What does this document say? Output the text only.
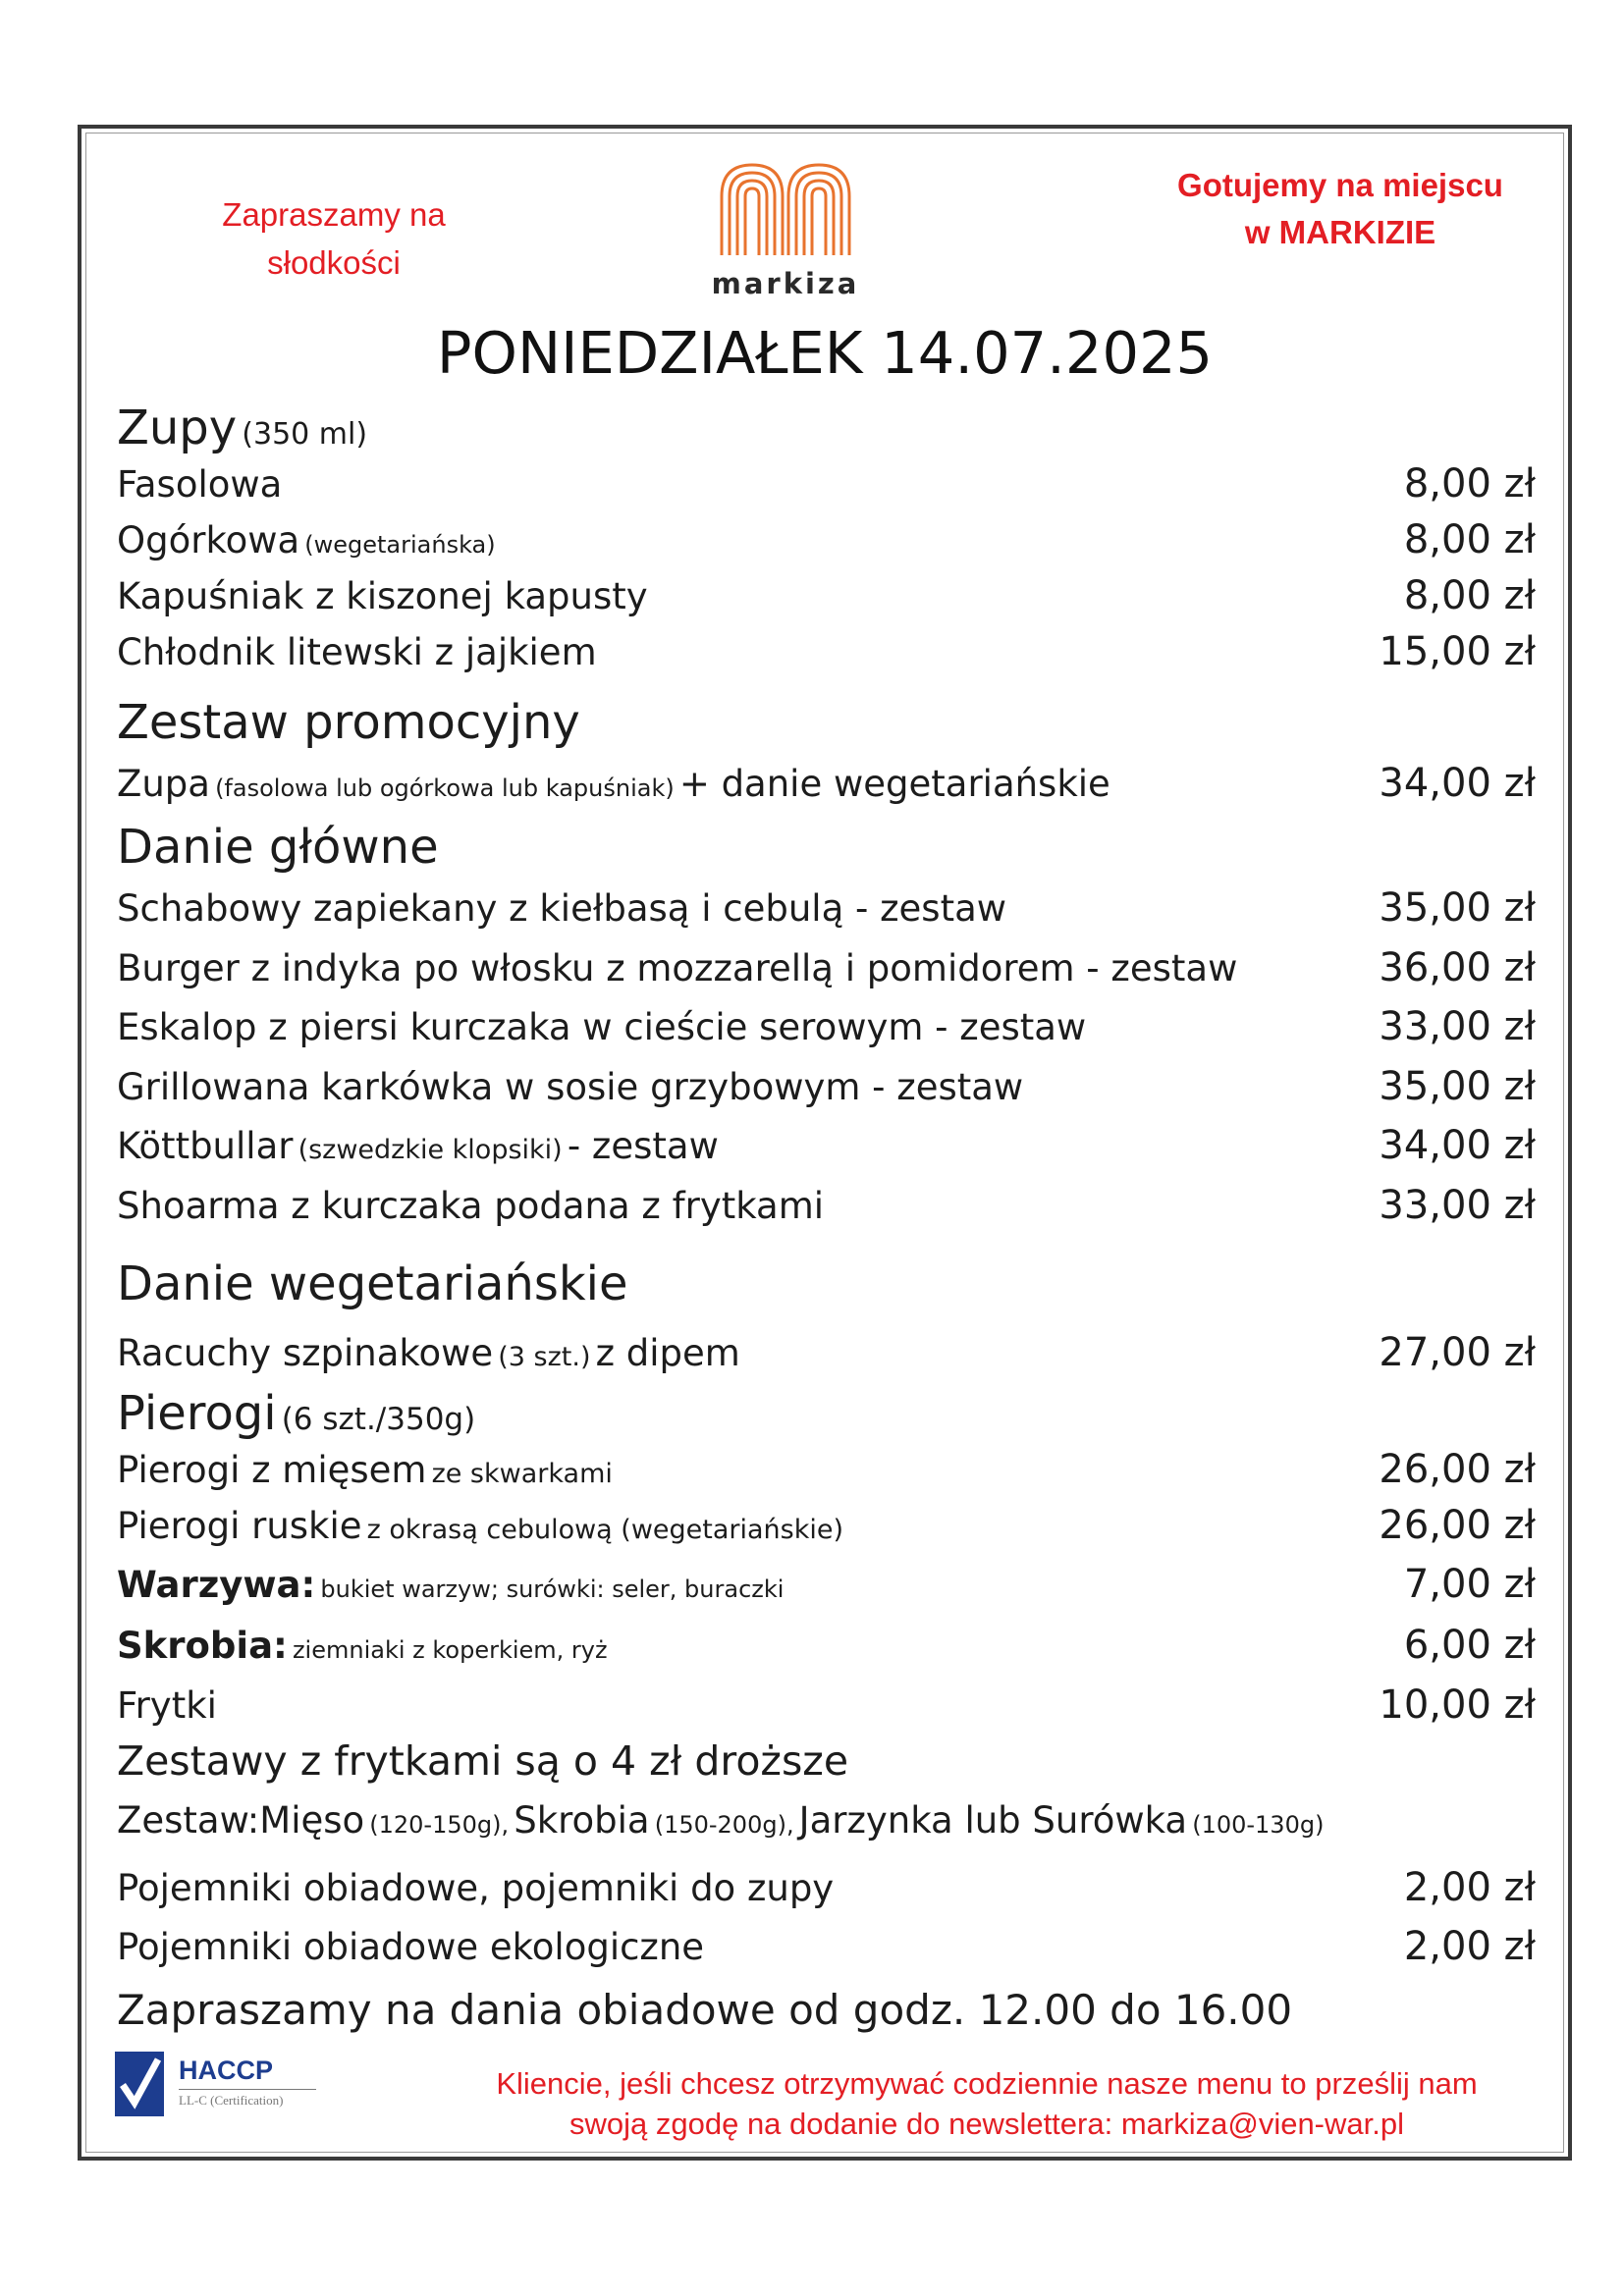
Zapraszamy na
słodkości
markiza
Gotujemy na miejscu
w MARKIZIE
PONIEDZIAŁEK 14.07.2025
Zupy (350 ml)
Fasolowa	8,00 zł
Ogórkowa (wegetariańska)	8,00 zł
Kapuśniak z kiszonej kapusty	8,00 zł
Chłodnik litewski z jajkiem	15,00 zł
Zestaw promocyjny
Zupa (fasolowa lub ogórkowa lub kapuśniak) + danie wegetariańskie	34,00 zł
Danie główne
Schabowy zapiekany z kiełbasą i cebulą - zestaw	35,00 zł
Burger z indyka po włosku z mozzarellą i pomidorem - zestaw	36,00 zł
Eskalop z piersi kurczaka w cieście serowym - zestaw	33,00 zł
Grillowana karkówka w sosie grzybowym - zestaw	35,00 zł
Köttbullar (szwedzkie klopsiki) - zestaw	34,00 zł
Shoarma z kurczaka podana z frytkami	33,00 zł
Danie wegetariańskie
Racuchy szpinakowe (3 szt.) z dipem	27,00 zł
Pierogi (6 szt./350g)
Pierogi z mięsem ze skwarkami	26,00 zł
Pierogi ruskie z okrasą cebulową (wegetariańskie)	26,00 zł
Warzywa: bukiet warzyw; surówki: seler, buraczki	7,00 zł
Skrobia: ziemniaki z koperkiem, ryż	6,00 zł
Frytki	10,00 zł
Zestawy z frytkami są o 4 zł droższe
Zestaw:Mięso (120-150g), Skrobia (150-200g), Jarzynka lub Surówka (100-130g)
Pojemniki obiadowe, pojemniki do zupy	2,00 zł
Pojemniki obiadowe ekologiczne	2,00 zł
Zapraszamy na dania obiadowe od godz. 12.00 do 16.00
HACCP
LL-C (Certification)	Kliencie, jeśli chcesz otrzymywać codziennie nasze menu to prześlij nam
swoją zgodę na dodanie do newslettera: markiza@vien-war.pl
